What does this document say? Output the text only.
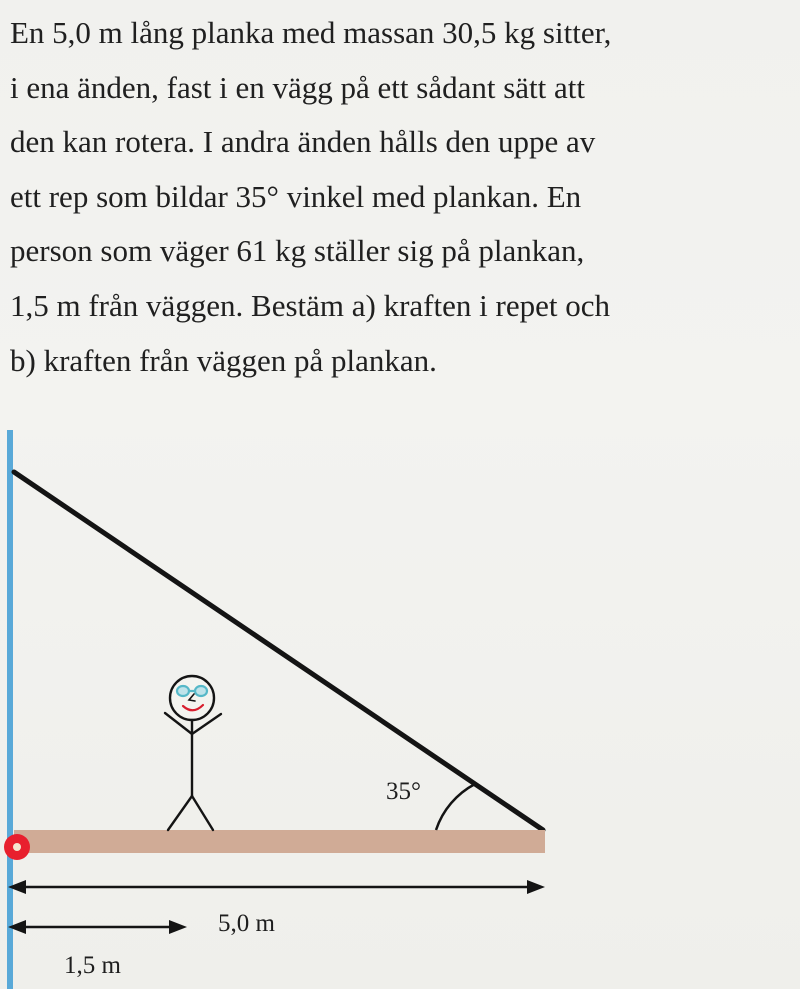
En 5,0 m lång planka med massan 30,5 kg sitter,
i ena änden, fast i en vägg på ett sådant sätt att
den kan rotera. I andra änden hålls den uppe av
ett rep som bildar 35° vinkel med plankan. En
person som väger 61 kg ställer sig på plankan,
1,5 m från väggen. Bestäm a) kraften i repet och
b) kraften från väggen på plankan.
35°
5,0 m
1,5 m
